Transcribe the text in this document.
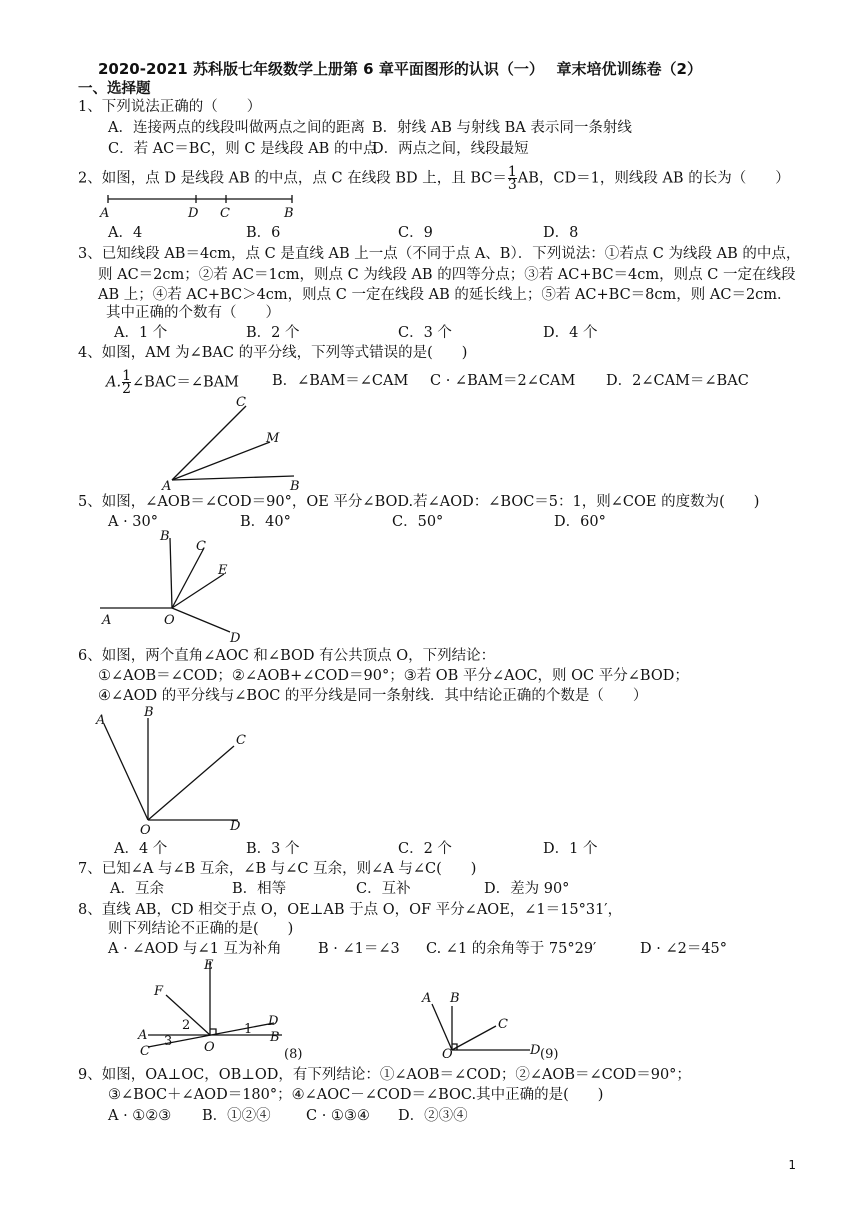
2020-2021 苏科版七年级数学上册第 6 章平面图形的认识（一）　 章末培优训练卷（2）
一、选择题
1、下列说法正确的（　　）
A．连接两点的线段叫做两点之间的距离 B．射线 AB 与射线 BA 表示同一条射线
C．若 AC＝BC，则 C 是线段 AB 的中点
D．两点之间，线段最短
2、如图，点 D 是线段 AB 的中点，点 C 在线段 BD 上，且 $BC= \frac{1}{3}$ AB，CD＝1，则线段 AB 的长为（　　）
A	D C	B
A．4	B．6	C．9	D．8
3、已知线段 AB＝4cm，点 C 是直线 AB 上一点（不同于点 A、B）．下列说法：①若点 C 为线段 AB 的中点，
则 AC＝2cm；②若 AC＝1cm，则点 C 为线段 AB 的四等分点；③若 AC+BC＝4cm，则点 C 一定在线段
AB 上；④若 AC+BC＞4cm，则点 C 一定在线段 AB 的延长线上；⑤若 AC+BC＝8cm，则 AC＝2cm．
其中正确的个数有（　　）
A．1 个	B．2 个	C．3 个	D．4 个
4、如图，AM 为∠BAC 的平分线，下列等式错误的是(　　)
A. $\frac{1}{2}$ ∠BAC＝∠BAM B．∠BAM＝∠CAM C · ∠BAM＝2∠CAM D．2∠CAM＝∠BAC
C
M
A	B
5、如图，∠AOB＝∠COD＝90°，OE 平分∠BOD.若∠AOD：∠BOC＝5：1，则∠COE 的度数为(　　)
A · 30°	B．40°	C．50°	D．60°
B
C
E
A	O
D
6、如图，两个直角∠AOC 和∠BOD 有公共顶点 O，下列结论：
①∠AOB＝∠COD；②∠AOB+∠COD＝90°；③若 OB 平分∠AOC，则 OC 平分∠BOD；
④∠AOD 的平分线与∠BOC 的平分线是同一条射线．其中结论正确的个数是（　　）
A
B
C
O	D
A．4 个	B．3 个	C．2 个	D．1 个
7、已知∠A 与∠B 互余，∠B 与∠C 互余，则∠A 与∠C(　　)
A．互余	B．相等	C．互补	D．差为 90°
8、直线 AB，CD 相交于点 O，OE⊥AB 于点 O，OF 平分∠AOE，∠1＝15°31′，
则下列结论不正确的是(　　)
A · ∠AOD 与∠1 互为补角	B · ∠1＝∠3 C. ∠1 的余角等于 75°29′	D · ∠2＝45°
E
F
2	1
D
A 3 O
B
C	(8)
A B
C
O	D (9)
9、如图，OA⊥OC，OB⊥OD，有下列结论：①∠AOB＝∠COD；②∠AOB＝∠COD＝90°；
③∠BOC＋∠AOD＝180°；④∠AOC－∠COD＝∠BOC.其中正确的是(　　)
A · ①②③ B．①②④ C · ①③④ D．②③④
1
